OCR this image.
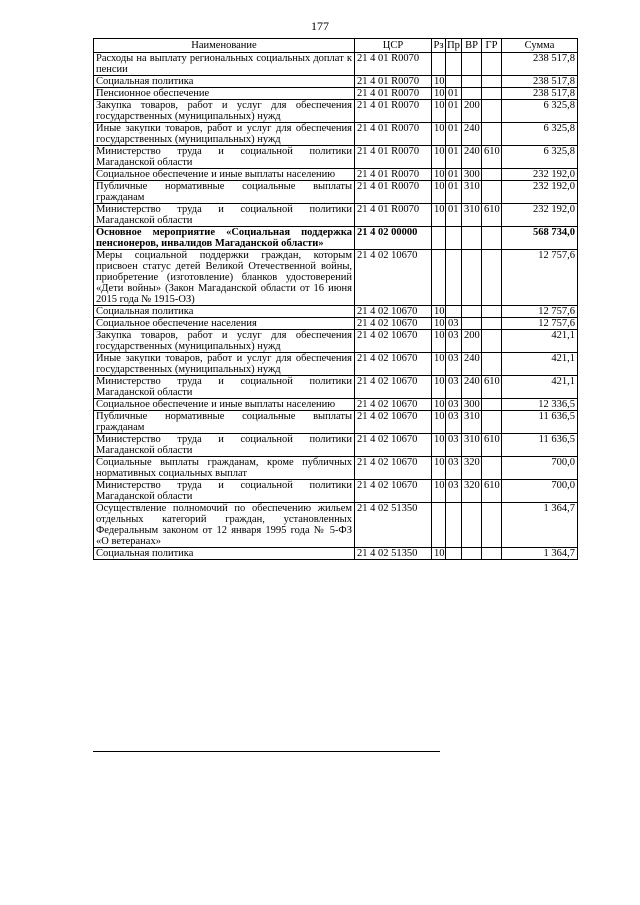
177
Наименование	ЦСР	Рз	Пр	ВР	ГР	Сумма
Расходы на выплату региональных социальных доплат к пенсии	21 4 01 R0070					238 517,8
Социальная политика	21 4 01 R0070	10				238 517,8
Пенсионное обеспечение	21 4 01 R0070	10	01			238 517,8
Закупка товаров, работ и услуг для обеспечения государственных (муниципальных) нужд	21 4 01 R0070	10	01	200		6 325,8
Иные закупки товаров, работ и услуг для обеспечения государственных (муниципальных) нужд	21 4 01 R0070	10	01	240		6 325,8
Министерство труда и социальной политики Магаданской области	21 4 01 R0070	10	01	240	610	6 325,8
Социальное обеспечение и иные выплаты населению	21 4 01 R0070	10	01	300		232 192,0
Публичные нормативные социальные выплаты гражданам	21 4 01 R0070	10	01	310		232 192,0
Министерство труда и социальной политики Магаданской области	21 4 01 R0070	10	01	310	610	232 192,0
Основное мероприятие «Социальная поддержка пенсионеров, инвалидов Магаданской области»	21 4 02 00000					568 734,0
Меры социальной поддержки граждан, которым присвоен статус детей Великой Отечественной войны, приобретение (изготовление) бланков удостоверений «Дети войны» (Закон Магаданской области от 16 июня 2015 года № 1915-ОЗ)	21 4 02 10670					12 757,6
Социальная политика	21 4 02 10670	10				12 757,6
Социальное обеспечение населения	21 4 02 10670	10	03			12 757,6
Закупка товаров, работ и услуг для обеспечения государственных (муниципальных) нужд	21 4 02 10670	10	03	200		421,1
Иные закупки товаров, работ и услуг для обеспечения государственных (муниципальных) нужд	21 4 02 10670	10	03	240		421,1
Министерство труда и социальной политики Магаданской области	21 4 02 10670	10	03	240	610	421,1
Социальное обеспечение и иные выплаты населению	21 4 02 10670	10	03	300		12 336,5
Публичные нормативные социальные выплаты гражданам	21 4 02 10670	10	03	310		11 636,5
Министерство труда и социальной политики Магаданской области	21 4 02 10670	10	03	310	610	11 636,5
Социальные выплаты гражданам, кроме публичных нормативных социальных выплат	21 4 02 10670	10	03	320		700,0
Министерство труда и социальной политики Магаданской области	21 4 02 10670	10	03	320	610	700,0
Осуществление полномочий по обеспечению жильем отдельных категорий граждан, установленных Федеральным законом от 12 января 1995 года № 5-ФЗ «О ветеранах»	21 4 02 51350					1 364,7
Социальная политика	21 4 02 51350	10				1 364,7
